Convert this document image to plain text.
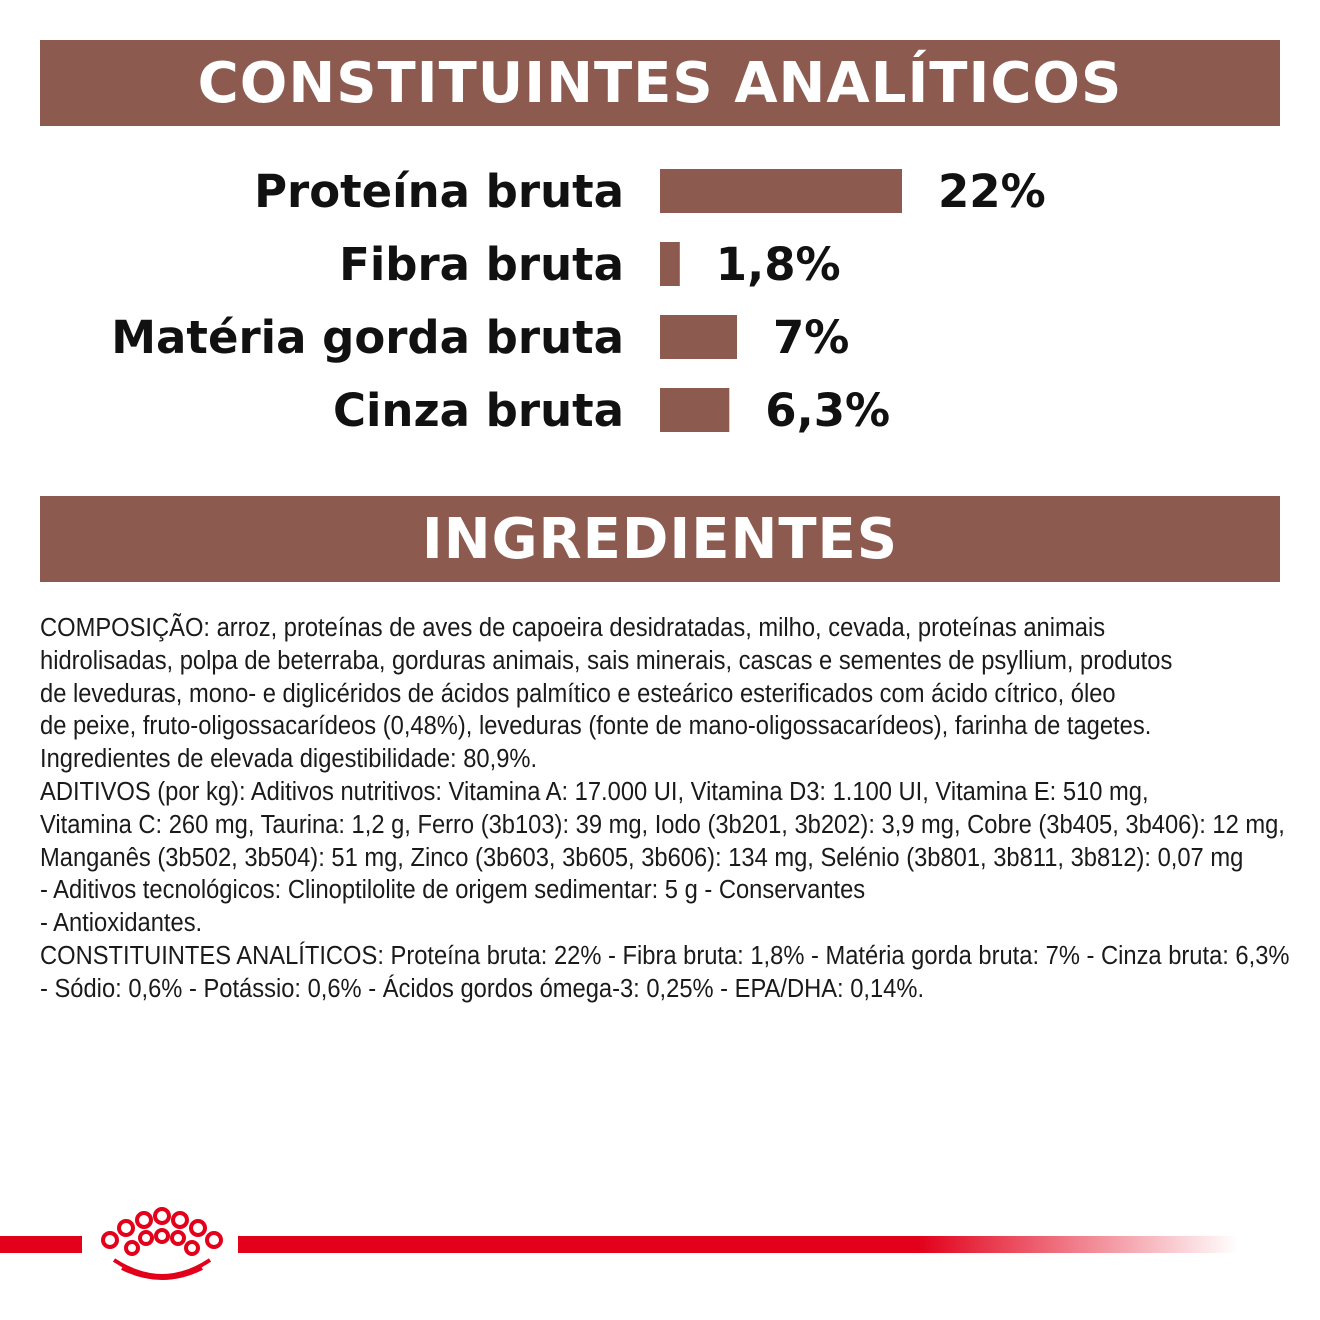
CONSTITUINTES ANALÍTICOS
Proteína bruta	22%
Fibra bruta 1,8%
Matéria gorda bruta	7%
Cinza bruta	6,3%
INGREDIENTES

COMPOSIÇÃO: arroz, proteínas de aves de capoeira desidratadas, milho, cevada, proteínas animais

hidrolisadas, polpa de beterraba, gorduras animais, sais minerais, cascas e sementes de psyllium, produtos

de leveduras, mono- e diglicéridos de ácidos palmítico e esteárico esterificados com ácido cítrico, óleo

de peixe, fruto-oligossacarídeos (0,48%), leveduras (fonte de mano-oligossacarídeos), farinha de tagetes.

Ingredientes de elevada digestibilidade: 80,9%.

ADITIVOS (por kg): Aditivos nutritivos: Vitamina A: 17.000 UI, Vitamina D3: 1.100 UI, Vitamina E: 510 mg,

Vitamina C: 260 mg, Taurina: 1,2 g, Ferro (3b103): 39 mg, Iodo (3b201, 3b202): 3,9 mg, Cobre (3b405, 3b406): 12 mg,

Manganês (3b502, 3b504): 51 mg, Zinco (3b603, 3b605, 3b606): 134 mg, Selénio (3b801, 3b811, 3b812): 0,07 mg

- Aditivos tecnológicos: Clinoptilolite de origem sedimentar: 5 g - Conservantes

- Antioxidantes.

CONSTITUINTES ANALÍTICOS: Proteína bruta: 22% - Fibra bruta: 1,8% - Matéria gorda bruta: 7% - Cinza bruta: 6,3%

- Sódio: 0,6% - Potássio: 0,6% - Ácidos gordos ómega-3: 0,25% - EPA/DHA: 0,14%.
